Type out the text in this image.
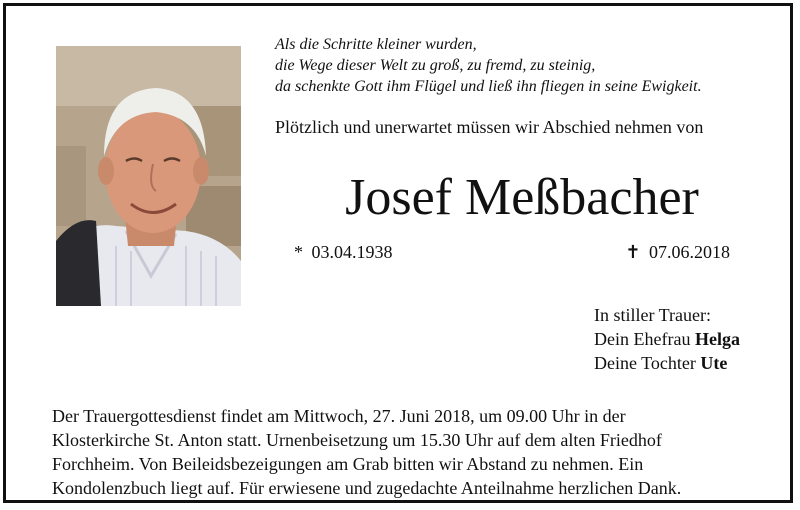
Als die Schritte kleiner wurden,
die Wege dieser Welt zu groß, zu fremd, zu steinig,
da schenkte Gott ihm Flügel und ließ ihn fliegen in seine Ewigkeit.
Plötzlich und unerwartet müssen wir Abschied nehmen von
Josef Meßbacher
* 03.04.1938	✝ 07.06.2018
In stiller Trauer:
Dein Ehefrau Helga
Deine Tochter Ute
Der Trauergottesdienst findet am Mittwoch, 27. Juni 2018, um 09.00 Uhr in der
Klosterkirche St. Anton statt. Urnenbeisetzung um 15.30 Uhr auf dem alten Friedhof
Forchheim. Von Beileidsbezeigungen am Grab bitten wir Abstand zu nehmen. Ein
Kondolenzbuch liegt auf. Für erwiesene und zugedachte Anteilnahme herzlichen Dank.
